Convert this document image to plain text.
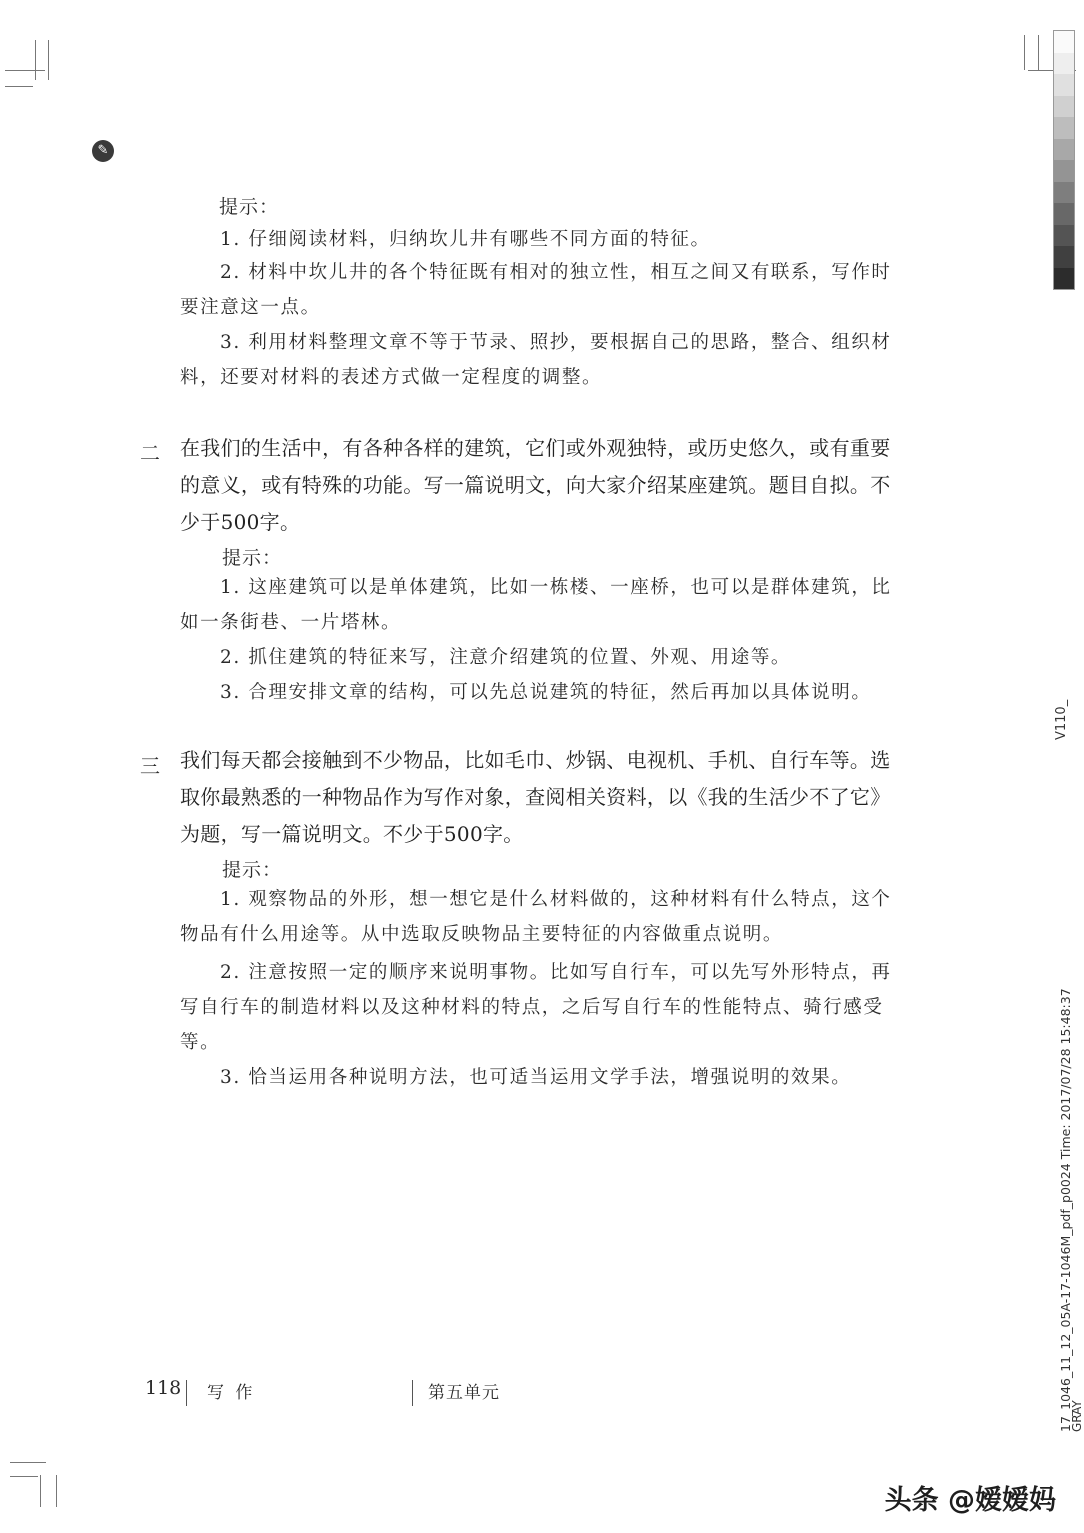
✎
提示：
1. 仔细阅读材料，归纳坎儿井有哪些不同方面的特征。
2. 材料中坎儿井的各个特征既有相对的独立性，相互之间又有联系，写作时要注意这一点。
3. 利用材料整理文章不等于节录、照抄，要根据自己的思路，整合、组织材料，还要对材料的表述方式做一定程度的调整。
二 在我们的生活中，有各种各样的建筑，它们或外观独特，或历史悠久，或有重要的意义，或有特殊的功能。写一篇说明文，向大家介绍某座建筑。题目自拟。不少于500字。
提示：
1. 这座建筑可以是单体建筑，比如一栋楼、一座桥，也可以是群体建筑，比如一条街巷、一片塔林。
2. 抓住建筑的特征来写，注意介绍建筑的位置、外观、用途等。
3. 合理安排文章的结构，可以先总说建筑的特征，然后再加以具体说明。
三 我们每天都会接触到不少物品，比如毛巾、炒锅、电视机、手机、自行车等。选取你最熟悉的一种物品作为写作对象，查阅相关资料，以《我的生活少不了它》为题，写一篇说明文。不少于500字。
提示：
1. 观察物品的外形，想一想它是什么材料做的，这种材料有什么特点，这个物品有什么用途等。从中选取反映物品主要特征的内容做重点说明。
2. 注意按照一定的顺序来说明事物。比如写自行车，可以先写外形特点，再写自行车的制造材料以及这种材料的特点，之后写自行车的性能特点、骑行感受等。
3. 恰当运用各种说明方法，也可适当运用文学手法，增强说明的效果。
118 写 作	第五单元
V110_
17_1046_11_12_05A-17-1046M_pdf_p0024 Time: 2017/07/28 15:48:37
GRAY
头条 @嫒嫒妈
